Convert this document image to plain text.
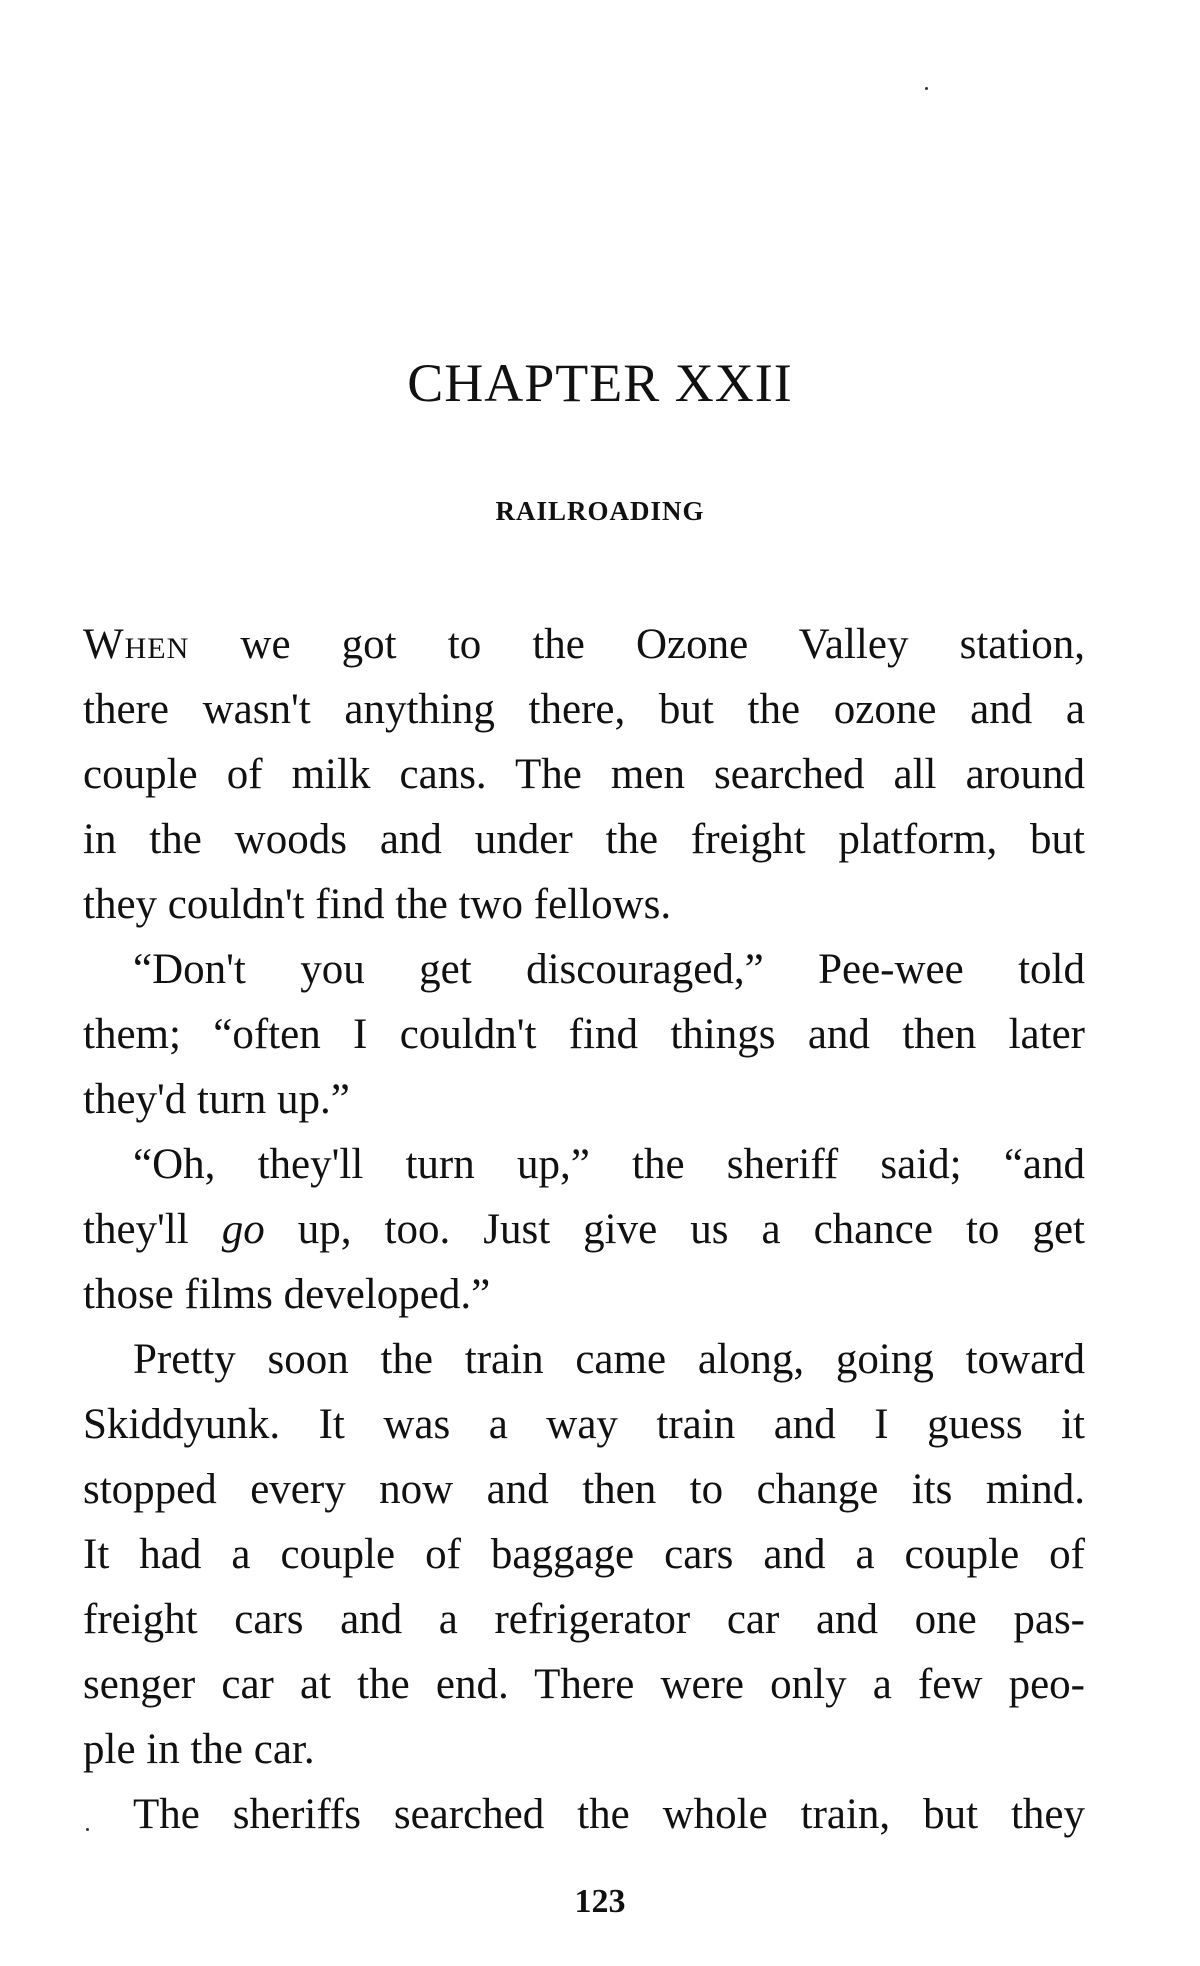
CHAPTER XXII
RAILROADING
When we got to the Ozone Valley station,
there wasn't anything there, but the ozone and a
couple of milk cans. The men searched all around
in the woods and under the freight platform, but
they couldn't find the two fellows.
“Don't you get discouraged,” Pee-wee told
them; “often I couldn't find things and then later
they'd turn up.”
“Oh, they'll turn up,” the sheriff said; “and
they'll go up, too. Just give us a chance to get
those films developed.”
Pretty soon the train came along, going toward
Skiddyunk. It was a way train and I guess it
stopped every now and then to change its mind.
It had a couple of baggage cars and a couple of
freight cars and a refrigerator car and one pas-
senger car at the end. There were only a few peo-
ple in the car.
The sheriffs searched the whole train, but they
123
